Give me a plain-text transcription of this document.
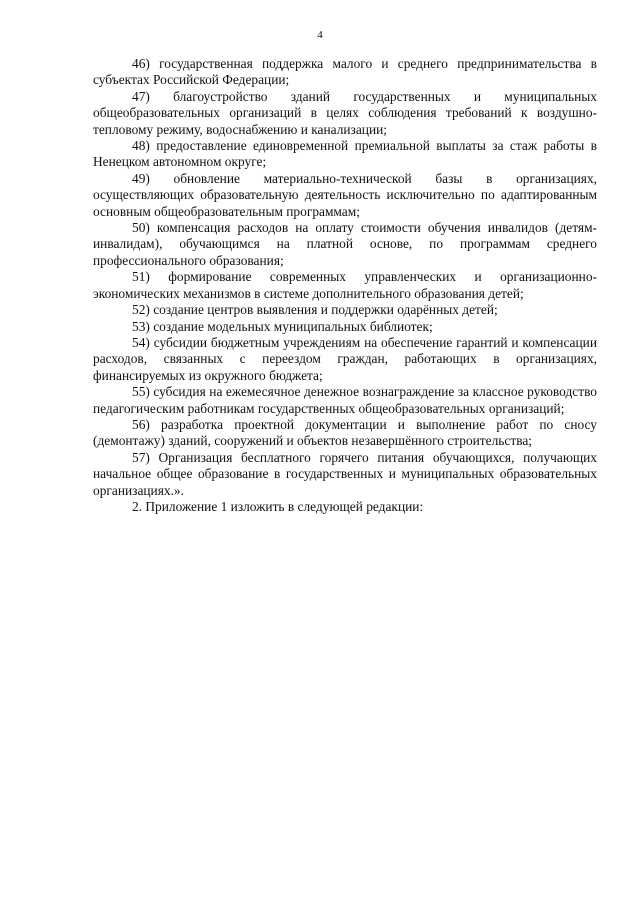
4

46) государственная поддержка малого и среднего предпринимательства в субъектах Российской Федерации;

47) благоустройство зданий государственных и муниципальных общеобразовательных организаций в целях соблюдения требований к воздушно-тепловому режиму, водоснабжению и канализации;

48) предоставление единовременной премиальной выплаты за стаж работы в Ненецком автономном округе;

49) обновление материально-технической базы в организациях, осуществляющих образовательную деятельность исключительно по адаптированным основным общеобразовательным программам;

50) компенсация расходов на оплату стоимости обучения инвалидов (детям-инвалидам), обучающимся на платной основе, по программам среднего профессионального образования;

51) формирование современных управленческих и организационно-экономических механизмов в системе дополнительного образования детей;

52) создание центров выявления и поддержки одарённых детей;

53) создание модельных муниципальных библиотек;

54) субсидии бюджетным учреждениям на обеспечение гарантий и компенсации расходов, связанных с переездом граждан, работающих в организациях, финансируемых из окружного бюджета;

55) субсидия на ежемесячное денежное вознаграждение за классное руководство педагогическим работникам государственных общеобразовательных организаций;

56) разработка проектной документации и выполнение работ по сносу (демонтажу) зданий, сооружений и объектов незавершённого строительства;

57) Организация бесплатного горячего питания обучающихся, получающих начальное общее образование в государственных и муниципальных образовательных организациях.».

2. Приложение 1 изложить в следующей редакции:
